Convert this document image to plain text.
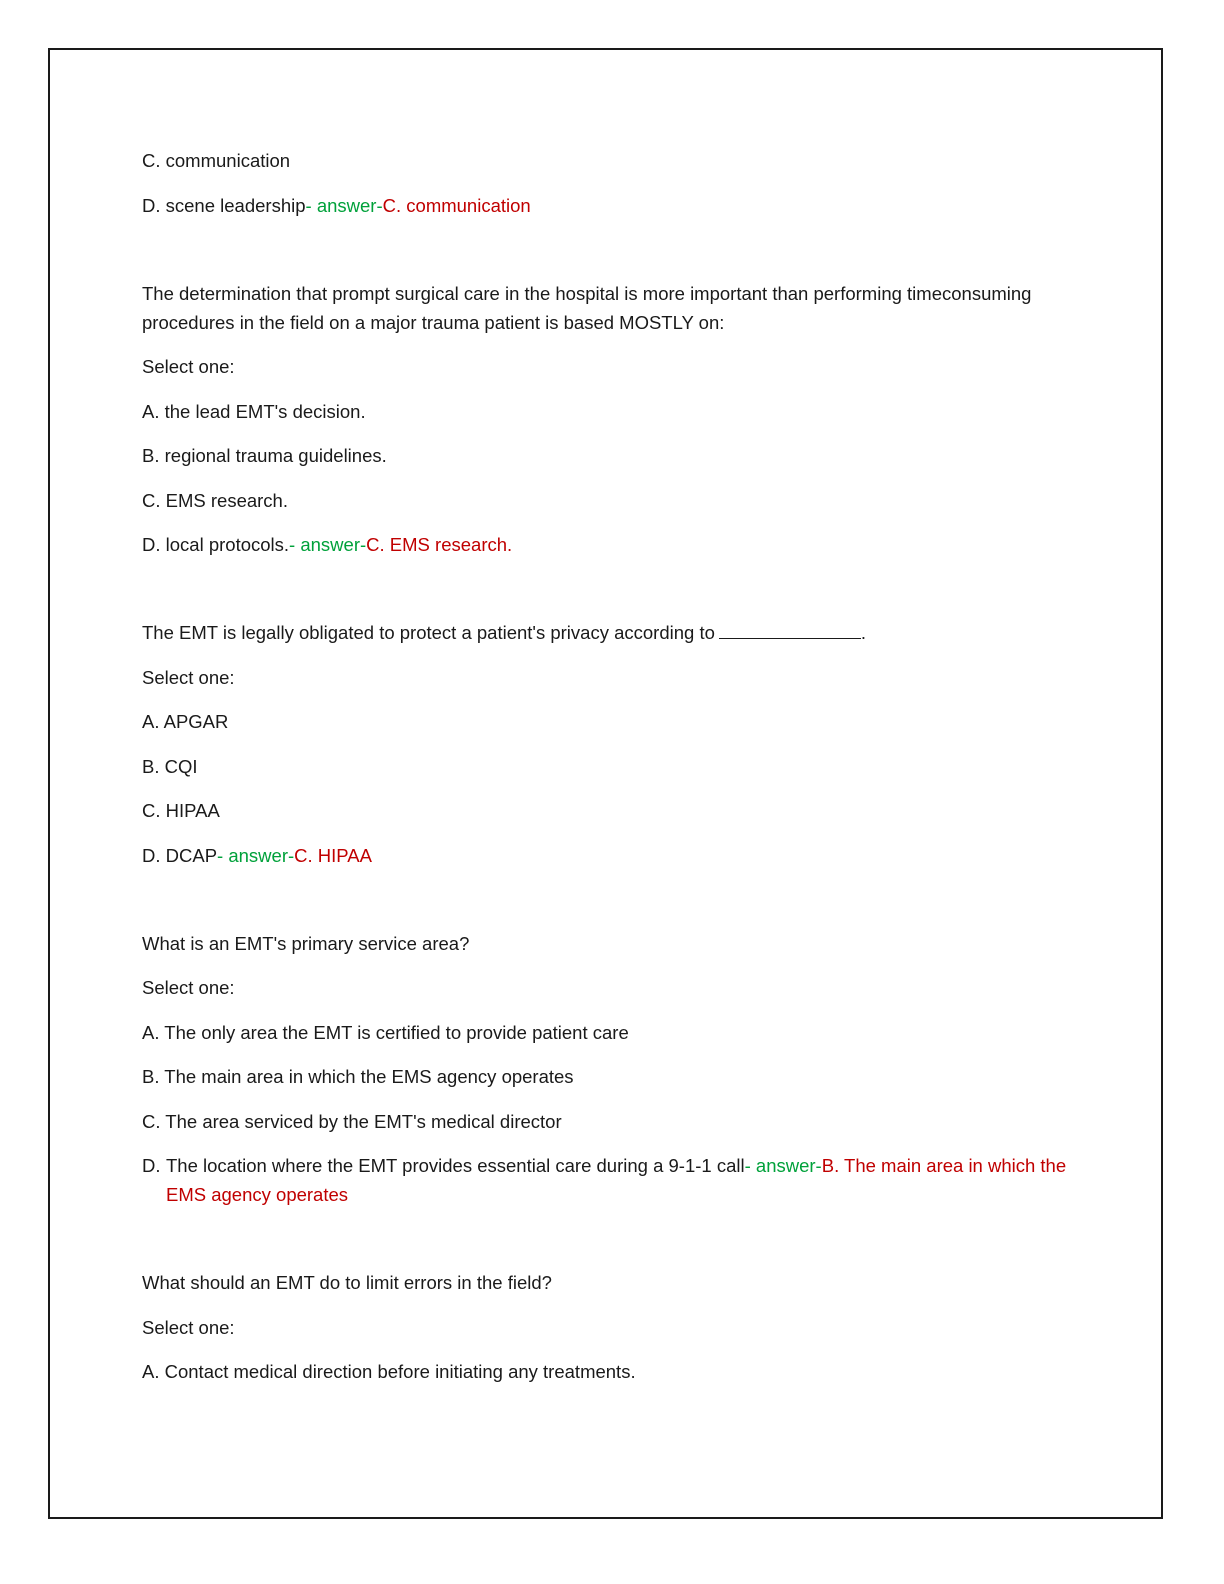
C. communication

D. scene leadership- answer-C. communication

The determination that prompt surgical care in the hospital is more important than performing timeconsuming procedures in the field on a major trauma patient is based MOSTLY on:

Select one:

A. the lead EMT's decision.

B. regional trauma guidelines.

C. EMS research.

D. local protocols.- answer-C. EMS research.

The EMT is legally obligated to protect a patient's privacy according to	.

Select one:

A. APGAR

B. CQI

C. HIPAA

D. DCAP- answer-C. HIPAA

What is an EMT's primary service area?

Select one:

A. The only area the EMT is certified to provide patient care

B. The main area in which the EMS agency operates

C. The area serviced by the EMT's medical director

D. The location where the EMT provides essential care during a 9-1-1 call- answer-B. The main area in which the EMS agency operates

What should an EMT do to limit errors in the field?

Select one:

A. Contact medical direction before initiating any treatments.
